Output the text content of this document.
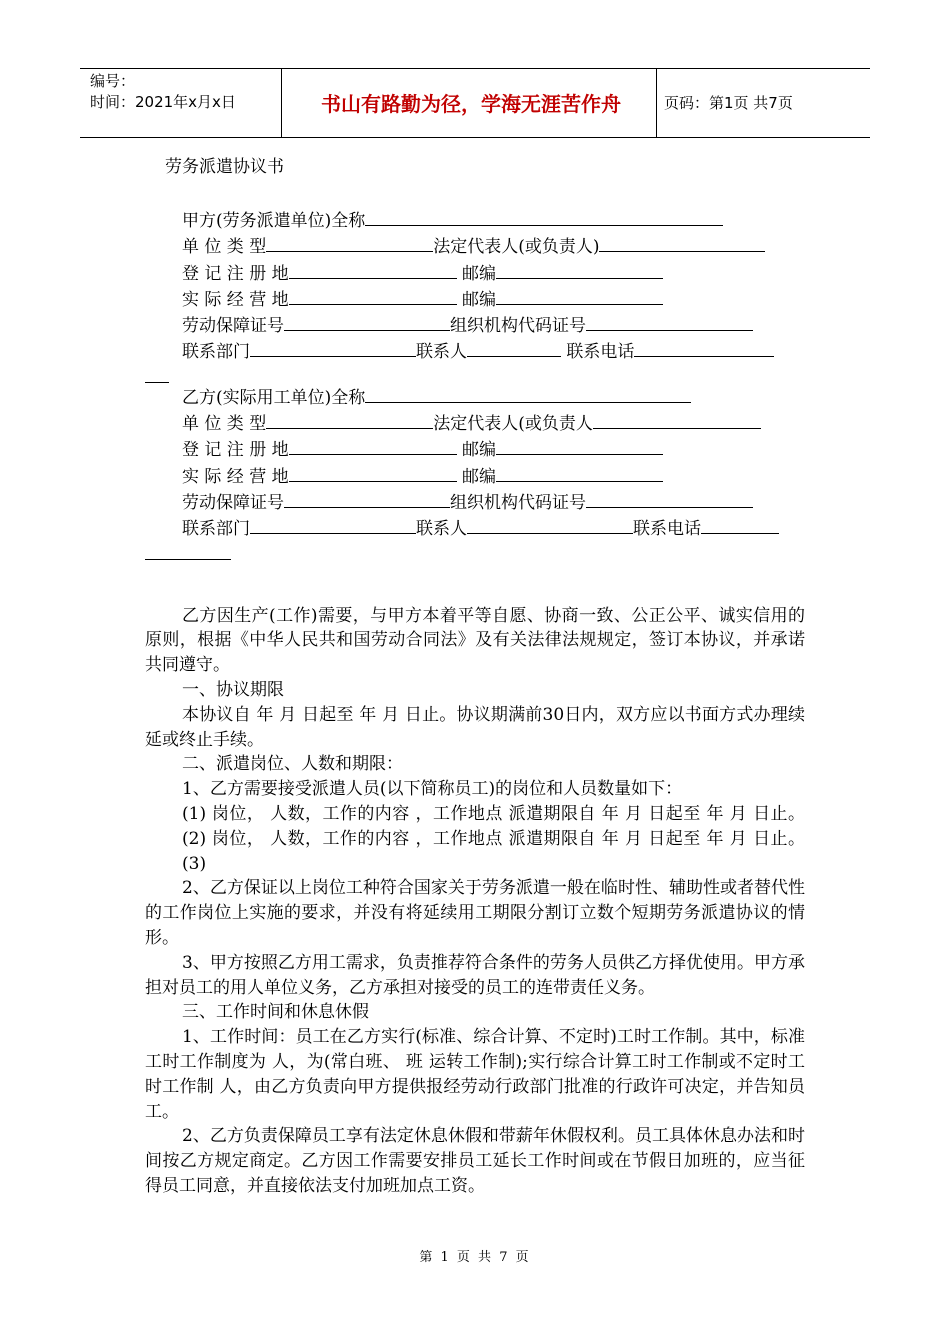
编号：
时间：2021年x月x日	书山有路勤为径，学海无涯苦作舟	页码：第1页 共7页
劳务派遣协议书
甲方(劳务派遣单位)全称
单 位 类 型	法定代表人(或负责人)
登 记 注 册 地	邮编
实 际 经 营 地	邮编
劳动保障证号	组织机构代码证号
联系部门	联系人	联系电话
乙方(实际用工单位)全称
单 位 类 型	法定代表人(或负责人
登 记 注 册 地	邮编
实 际 经 营 地	邮编
劳动保障证号	组织机构代码证号
联系部门	联系人	联系电话

乙方因生产(工作)需要，与甲方本着平等自愿、协商一致、公正公平、诚实信用的原则，根据《中华人民共和国劳动合同法》及有关法律法规规定，签订本协议，并承诺共同遵守。

一、协议期限

本协议自 年 月 日起至 年 月 日止。协议期满前30日内，双方应以书面方式办理续延或终止手续。

二、派遣岗位、人数和期限：

1、乙方需要接受派遣人员(以下简称员工)的岗位和人员数量如下：

(1) 岗位， 人数，工作的内容 ，工作地点 派遣期限自 年 月 日起至 年 月 日止。

(2) 岗位， 人数，工作的内容 ，工作地点 派遣期限自 年 月 日起至 年 月 日止。

(3)

2、乙方保证以上岗位工种符合国家关于劳务派遣一般在临时性、辅助性或者替代性的工作岗位上实施的要求，并没有将延续用工期限分割订立数个短期劳务派遣协议的情形。

3、甲方按照乙方用工需求，负责推荐符合条件的劳务人员供乙方择优使用。甲方承担对员工的用人单位义务，乙方承担对接受的员工的连带责任义务。

三、工作时间和休息休假

1、工作时间：员工在乙方实行(标准、综合计算、不定时)工时工作制。其中，标准工时工作制度为 人，为(常白班、 班 运转工作制);实行综合计算工时工作制或不定时工时工作制 人，由乙方负责向甲方提供报经劳动行政部门批准的行政许可决定，并告知员工。

2、乙方负责保障员工享有法定休息休假和带薪年休假权利。员工具体休息办法和时间按乙方规定商定。乙方因工作需要安排员工延长工作时间或在节假日加班的，应当征得员工同意，并直接依法支付加班加点工资。

第 1 页 共 7 页
